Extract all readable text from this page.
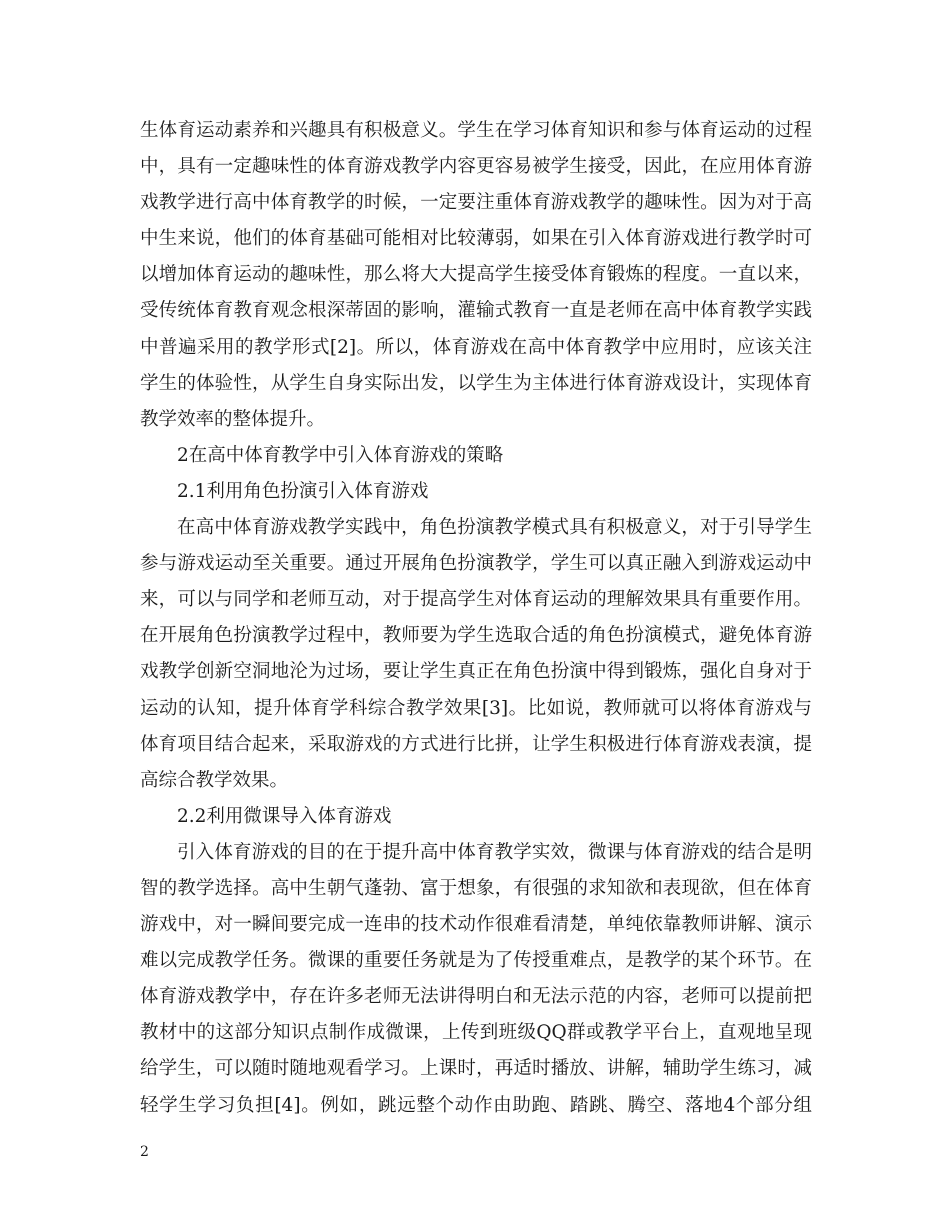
生体育运动素养和兴趣具有积极意义。学生在学习体育知识和参与体育运动的过程
中，具有一定趣味性的体育游戏教学内容更容易被学生接受，因此，在应用体育游
戏教学进行高中体育教学的时候，一定要注重体育游戏教学的趣味性。因为对于高
中生来说，他们的体育基础可能相对比较薄弱，如果在引入体育游戏进行教学时可
以增加体育运动的趣味性，那么将大大提高学生接受体育锻炼的程度。一直以来，
受传统体育教育观念根深蒂固的影响，灌输式教育一直是老师在高中体育教学实践
中普遍采用的教学形式[2]。所以，体育游戏在高中体育教学中应用时，应该关注
学生的体验性，从学生自身实际出发，以学生为主体进行体育游戏设计，实现体育
教学效率的整体提升。
2在高中体育教学中引入体育游戏的策略
2.1利用角色扮演引入体育游戏
在高中体育游戏教学实践中，角色扮演教学模式具有积极意义，对于引导学生
参与游戏运动至关重要。通过开展角色扮演教学，学生可以真正融入到游戏运动中
来，可以与同学和老师互动，对于提高学生对体育运动的理解效果具有重要作用。
在开展角色扮演教学过程中，教师要为学生选取合适的角色扮演模式，避免体育游
戏教学创新空洞地沦为过场，要让学生真正在角色扮演中得到锻炼，强化自身对于
运动的认知，提升体育学科综合教学效果[3]。比如说，教师就可以将体育游戏与
体育项目结合起来，采取游戏的方式进行比拼，让学生积极进行体育游戏表演，提
高综合教学效果。
2.2利用微课导入体育游戏
引入体育游戏的目的在于提升高中体育教学实效，微课与体育游戏的结合是明
智的教学选择。高中生朝气蓬勃、富于想象，有很强的求知欲和表现欲，但在体育
游戏中，对一瞬间要完成一连串的技术动作很难看清楚，单纯依靠教师讲解、演示
难以完成教学任务。微课的重要任务就是为了传授重难点，是教学的某个环节。在
体育游戏教学中，存在许多老师无法讲得明白和无法示范的内容，老师可以提前把
教材中的这部分知识点制作成微课，上传到班级QQ群或教学平台上，直观地呈现
给学生，可以随时随地观看学习。上课时，再适时播放、讲解，辅助学生练习，减
轻学生学习负担[4]。例如，跳远整个动作由助跑、踏跳、腾空、落地4个部分组
2
